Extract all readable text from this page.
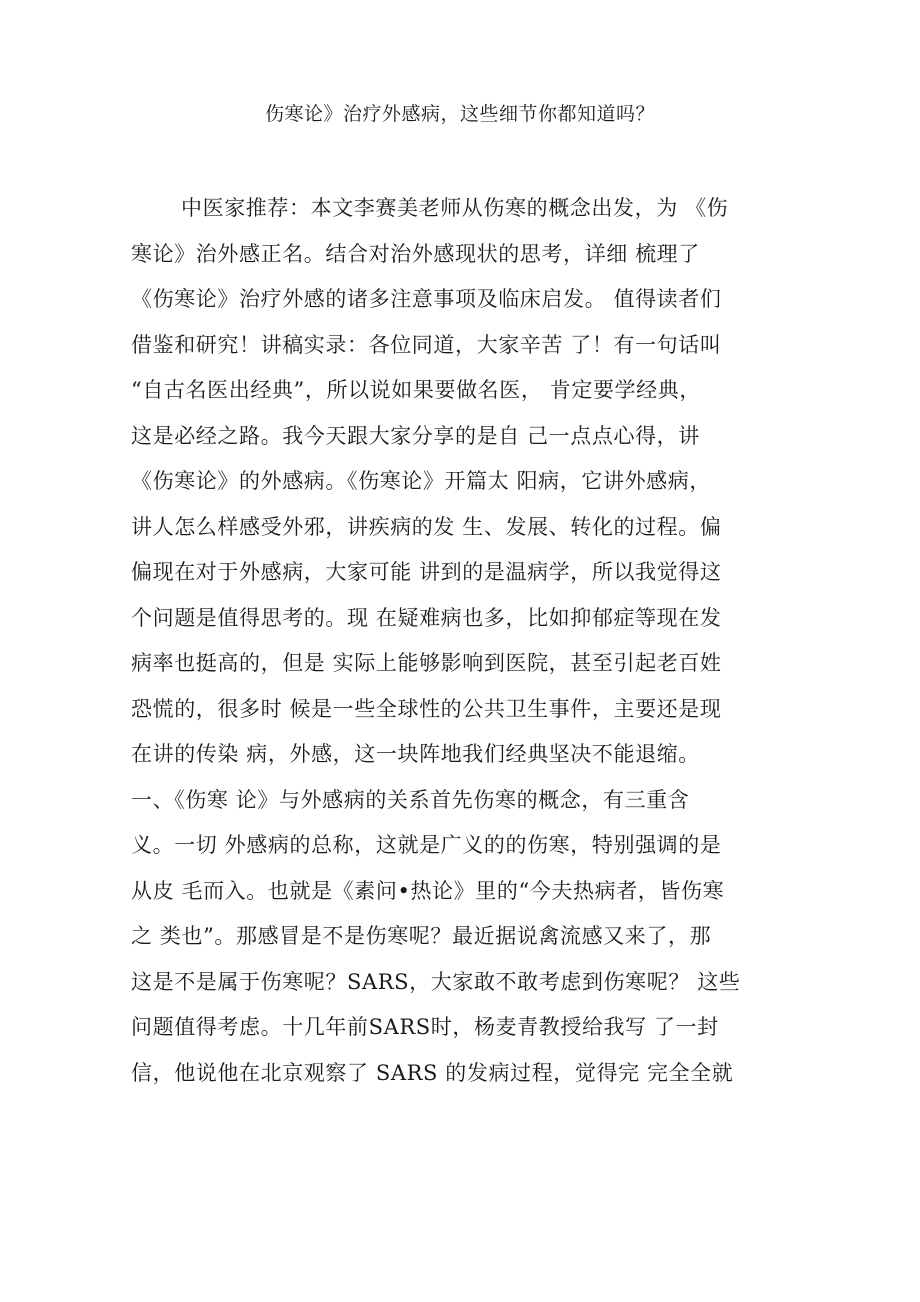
伤寒论》治疗外感病，这些细节你都知道吗？
中医家推荐：本文李赛美老师从伤寒的概念出发，为 《伤
寒论》治外感正名。结合对治外感现状的思考，详细 梳理了
《伤寒论》治疗外感的诸多注意事项及临床启发。 值得读者们
借鉴和研究！讲稿实录：各位同道，大家辛苦 了！有一句话叫
“自古名医出经典”，所以说如果要做名医， 肯定要学经典，
这是必经之路。我今天跟大家分享的是自 己一点点心得，讲
《伤寒论》的外感病。《伤寒论》开篇太 阳病，它讲外感病，
讲人怎么样感受外邪，讲疾病的发 生、发展、转化的过程。偏
偏现在对于外感病，大家可能 讲到的是温病学，所以我觉得这
个问题是值得思考的。现 在疑难病也多，比如抑郁症等现在发
病率也挺高的，但是 实际上能够影响到医院，甚至引起老百姓
恐慌的，很多时 候是一些全球性的公共卫生事件，主要还是现
在讲的传染 病，外感，这一块阵地我们经典坚决不能退缩。
一、《伤寒 论》与外感病的关系首先伤寒的概念，有三重含
义。一切 外感病的总称，这就是广义的的伤寒，特别强调的是
从皮 毛而入。也就是《素问•热论》里的“今夫热病者，皆伤寒
之 类也”。那感冒是不是伤寒呢？最近据说禽流感又来了，那
这是不是属于伤寒呢？SARS，大家敢不敢考虑到伤寒呢？ 这些
问题值得考虑。十几年前SARS时，杨麦青教授给我写 了一封
信，他说他在北京观察了 SARS 的发病过程，觉得完 完全全就
